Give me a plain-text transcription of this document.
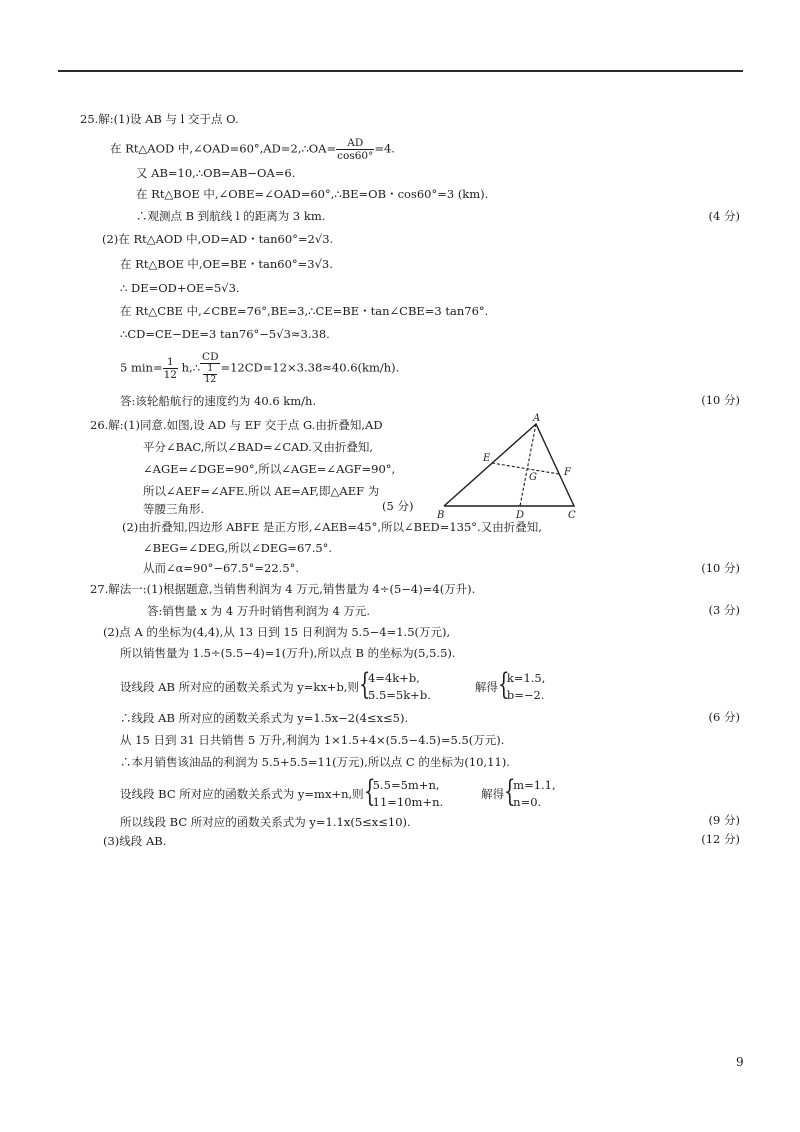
25.解:(1)设 AB 与 l 交于点 O.
在 Rt△AOD 中,∠OAD=60°,AD=2,∴OA= $\frac{AD}{\cos 60^\circ} =4$.
又 AB=10,∴OB=AB−OA=6.
在 Rt△BOE 中,∠OBE=∠OAD=60°,∴BE=OB・cos60°=3 (km).
∴观测点 B 到航线 l 的距离为 3 km.	(4 分)
(2)在 Rt△AOD 中,OD=AD・tan60°=2√3.
在 Rt△BOE 中,OE=BE・tan60°=3√3.
∴ DE=OD+OE=5√3.
在 Rt△CBE 中,∠CBE=76°,BE=3,∴CE=BE・tan∠CBE=3 tan76°.
∴CD=CE−DE=3 tan76°−5√3≈3.38.
5 $\min= \frac{1}{12}$ h,∴ $\frac{CD}{\frac{1}{12}} =12CD=12\times 3.38\approx 40.6(km/h)$.
答:该轮船航行的速度约为 40.6 km/h.	(10 分)
26.解:(1)同意.如图,设 AD 与 EF 交于点 G.由折叠知,AD
平分∠BAC,所以∠BAD=∠CAD.又由折叠知,
∠AGE=∠DGE=90°,所以∠AGE=∠AGF=90°,
所以∠AEF=∠AFE.所以 AE=AF,即△AEF 为
等腰三角形.	(5 分)
A
B	C
D
E
F
G
(2)由折叠知,四边形 ABFE 是正方形,∠AEB=45°,所以∠BED=135°.又由折叠知,
∠BEG=∠DEG,所以∠DEG=67.5°.
从而∠α=90°−67.5°=22.5°.	(10 分)
27.解法一:(1)根据题意,当销售利润为 4 万元,销售量为 4÷(5−4)=4(万升).
答:销售量 x 为 4 万升时销售利润为 4 万元.	(3 分)
(2)点 A 的坐标为(4,4),从 13 日到 15 日利润为 5.5−4=1.5(万元),
所以销售量为 1.5÷(5.5−4)=1(万升),所以点 B 的坐标为(5,5.5).
设线段 AB 所对应的函数关系式为 y=kx+b,则 {
4=4k+b,
5.5=5k+b.
解得 {
k=1.5,
b=−2.
∴线段 AB 所对应的函数关系式为 y=1.5x−2(4≤x≤5).	(6 分)
从 15 日到 31 日共销售 5 万升,利润为 1×1.5+4×(5.5−4.5)=5.5(万元).
∴本月销售该油品的利润为 5.5+5.5=11(万元),所以点 C 的坐标为(10,11).
设线段 BC 所对应的函数关系式为 y=mx+n,则 {
5.5=5m+n,
11=10m+n.
解得 {
m=1.1,
n=0.
所以线段 BC 所对应的函数关系式为 y=1.1x(5≤x≤10).	(9 分)
(3)线段 AB.	(12 分)
9
